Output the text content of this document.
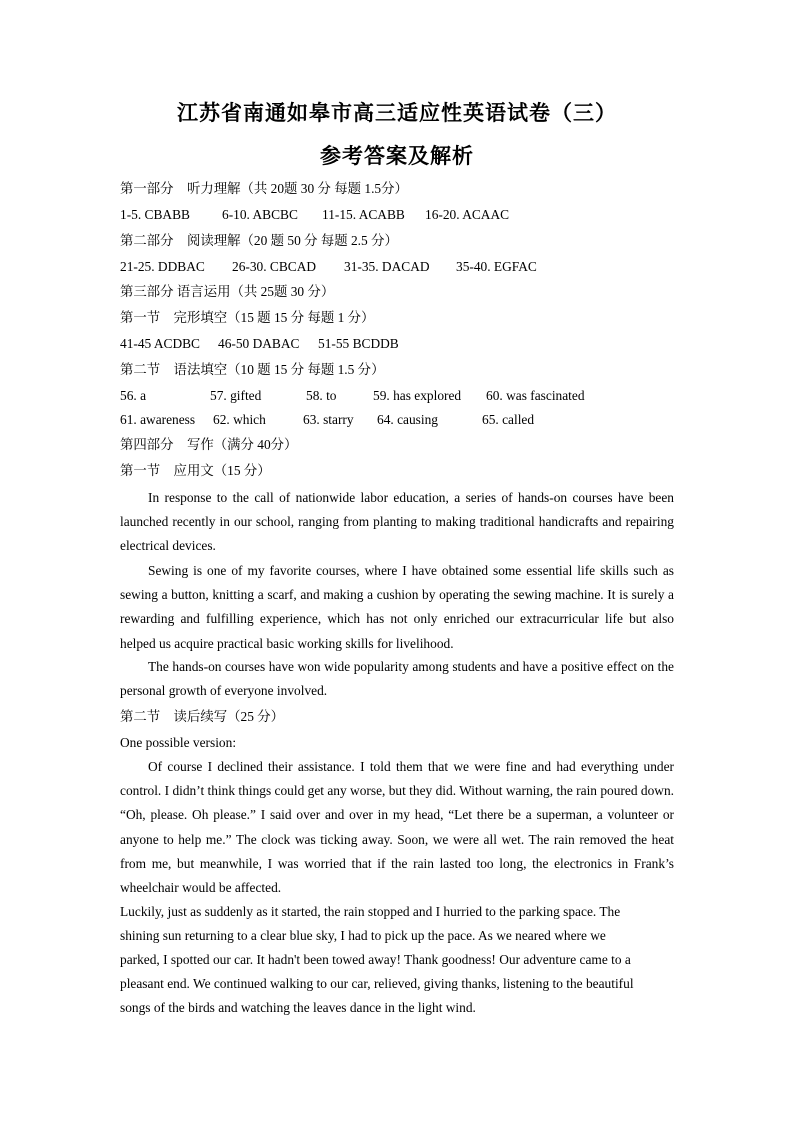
江苏省南通如皋市高三适应性英语试卷（三）
参考答案及解析
第一部分　听力理解（共 20题 30 分 每题 1.5分）
1-5. CBABB 6-10. ABCBC 11-15. ACABB 16-20. ACAAC
第二部分　阅读理解（20 题 50 分 每题 2.5 分）
21-25. DDBAC 26-30. CBCAD 31-35. DACAD 35-40. EGFAC
第三部分 语言运用（共 25题 30 分）
第一节　完形填空（15 题 15 分 每题 1 分）
41-45 ACDBC 46-50 DABAC 51-55 BCDDB
第二节　语法填空（10 题 15 分 每题 1.5 分）
56. a	57. gifted	58. to	59. has explored 60. was fascinated
61. awareness 62. which	63. starry 64. causing	65. called
第四部分　写作（满分 40分）
第一节　应用文（15 分）
In response to the call of nationwide labor education, a series of hands-on courses have been launched recently in our school, ranging from planting to making traditional handicrafts and repairing electrical devices.
Sewing is one of my favorite courses, where I have obtained some essential life skills such as sewing a button, knitting a scarf, and making a cushion by operating the sewing machine. It is surely a rewarding and fulfilling experience, which has not only enriched our extracurricular life but also helped us acquire practical basic working skills for livelihood.
The hands-on courses have won wide popularity among students and have a positive effect on the personal growth of everyone involved.
第二节　读后续写（25 分）
One possible version:
Of course I declined their assistance. I told them that we were fine and had everything under control. I didn’t think things could get any worse, but they did. Without warning, the rain poured down. “Oh, please. Oh please.” I said over and over in my head, “Let there be a superman, a volunteer or anyone to help me.” The clock was ticking away. Soon, we were all wet. The rain removed the heat from me, but meanwhile, I was worried that if the rain lasted too long, the electronics in Frank’s wheelchair would be affected.
Luckily, just as suddenly as it started, the rain stopped and I hurried to the parking space. The
shining sun returning to a clear blue sky, I had to pick up the pace. As we neared where we
parked, I spotted our car. It hadn't been towed away! Thank goodness! Our adventure came to a
pleasant end. We continued walking to our car, relieved, giving thanks, listening to the beautiful
songs of the birds and watching the leaves dance in the light wind.
